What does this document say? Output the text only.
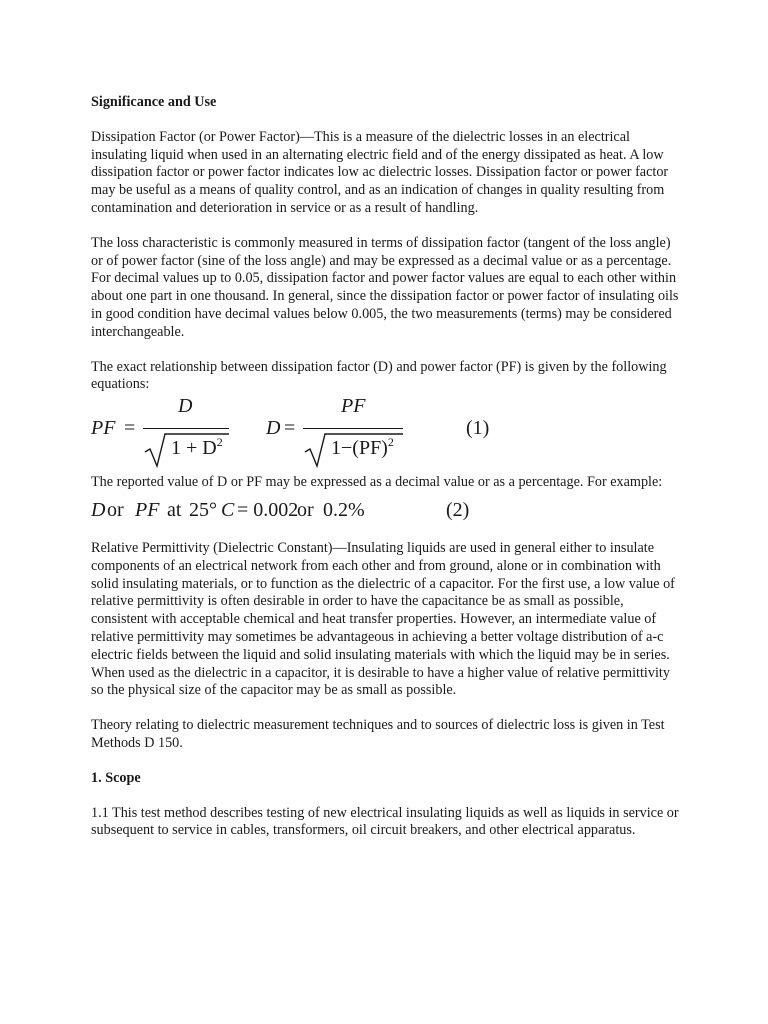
Significance and Use

Dissipation Factor (or Power Factor)—This is a measure of the dielectric losses in an electrical insulating liquid when used in an alternating electric field and of the energy dissipated as heat. A low dissipation factor or power factor indicates low ac dielectric losses. Dissipation factor or power factor may be useful as a means of quality control, and as an indication of changes in quality resulting from contamination and deterioration in service or as a result of handling.

The loss characteristic is commonly measured in terms of dissipation factor (tangent of the loss angle) or of power factor (sine of the loss angle) and may be expressed as a decimal value or as a percentage. For decimal values up to 0.05, dissipation factor and power factor values are equal to each other within about one part in one thousand. In general, since the dissipation factor or power factor of insulating oils in good condition have decimal values below 0.005, the two measurements (terms) may be considered interchangeable.

The exact relationship between dissipation factor (D) and power factor (PF) is given by the following equations:

PF =
D
$1 + D^2$
D =
PF
1−(PF)$^2$
(1)

The reported value of D or PF may be expressed as a decimal value or as a percentage. For example:

D or PF at 25° C = 0.002
or 0.2%	(2)

Relative Permittivity (Dielectric Constant)—Insulating liquids are used in general either to insulate components of an electrical network from each other and from ground, alone or in combination with solid insulating materials, or to function as the dielectric of a capacitor. For the first use, a low value of relative permittivity is often desirable in order to have the capacitance be as small as possible, consistent with acceptable chemical and heat transfer properties. However, an intermediate value of relative permittivity may sometimes be advantageous in achieving a better voltage distribution of a-c electric fields between the liquid and solid insulating materials with which the liquid may be in series. When used as the dielectric in a capacitor, it is desirable to have a higher value of relative permittivity so the physical size of the capacitor may be as small as possible.

Theory relating to dielectric measurement techniques and to sources of dielectric loss is given in Test Methods D 150.

1. Scope

1.1 This test method describes testing of new electrical insulating liquids as well as liquids in service or subsequent to service in cables, transformers, oil circuit breakers, and other electrical apparatus.
